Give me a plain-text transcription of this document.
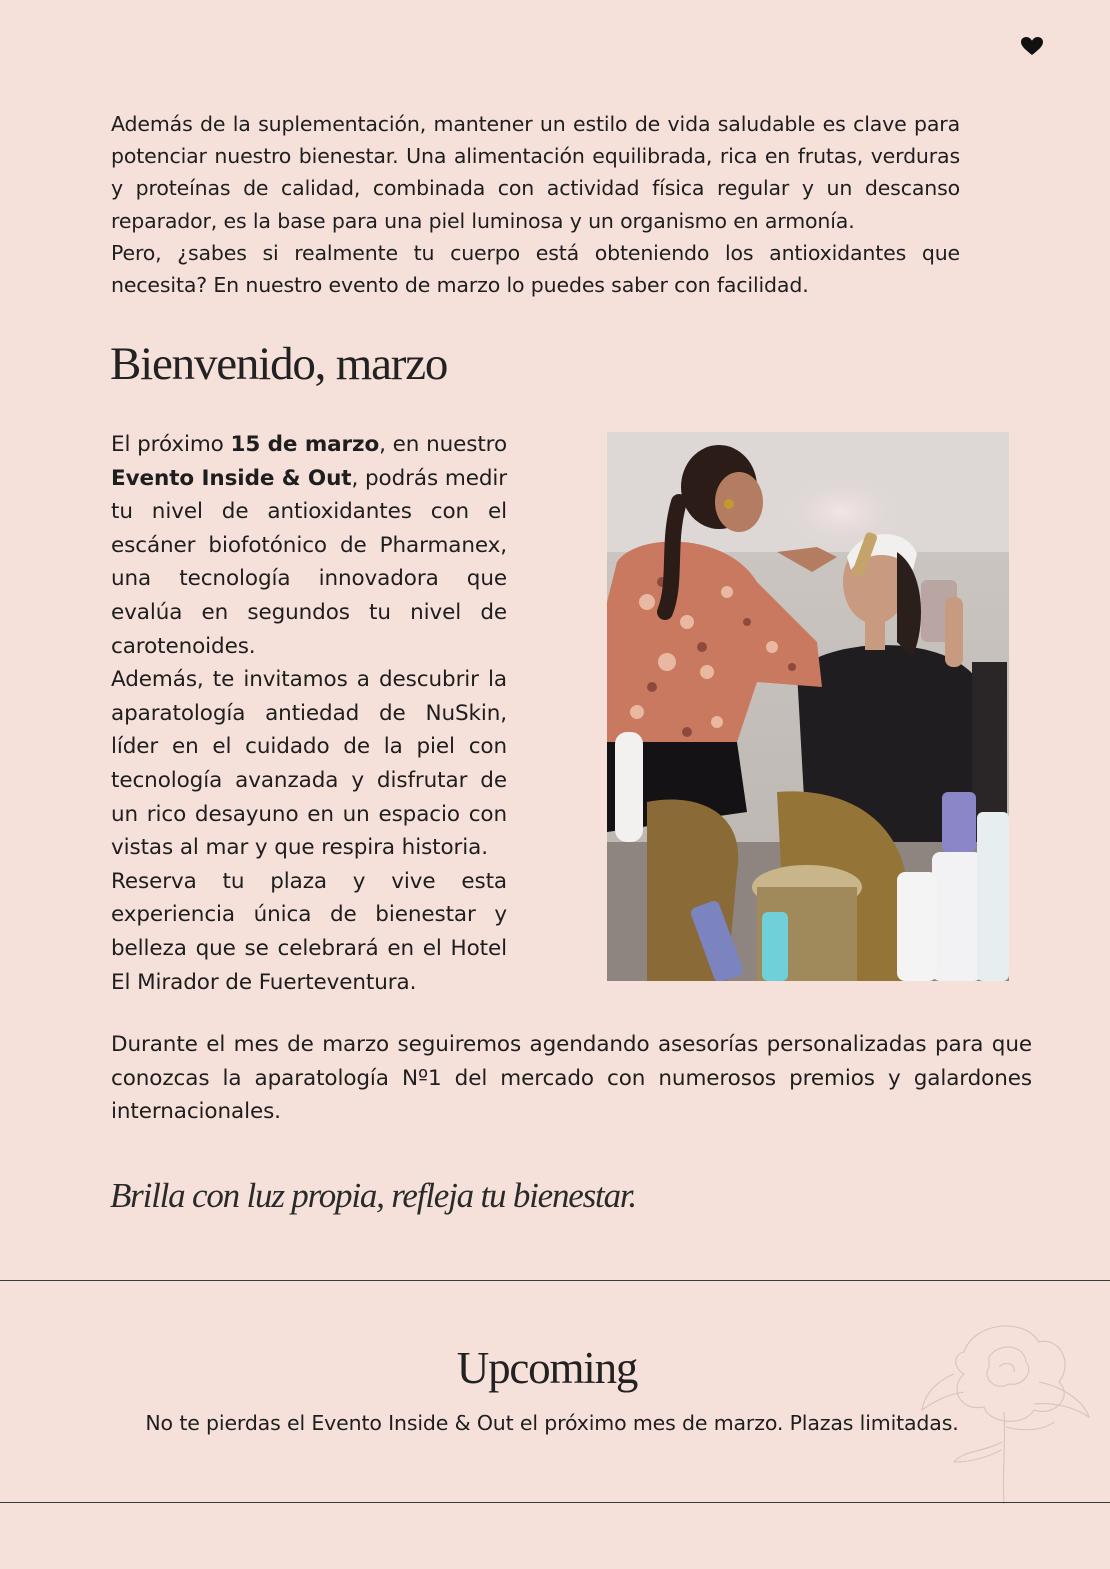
Además de la suplementación, mantener un estilo de vida saludable es clave para potenciar nuestro bienestar. Una alimentación equilibrada, rica en frutas, verduras y proteínas de calidad, combinada con actividad física regular y un descanso reparador, es la base para una piel luminosa y un organismo en armonía.

Pero, ¿sabes si realmente tu cuerpo está obteniendo los antioxidantes que necesita? En nuestro evento de marzo lo puedes saber con facilidad.

Bienvenido, marzo

El próximo 15 de marzo, en nuestro Evento Inside & Out, podrás medir tu nivel de antioxidantes con el escáner biofotónico de Pharmanex, una tecnología innovadora que evalúa en segundos tu nivel de carotenoides.

Además, te invitamos a descubrir la aparatología antiedad de NuSkin, líder en el cuidado de la piel con tecnología avanzada y disfrutar de un rico desayuno en un espacio con vistas al mar y que respira historia.

Reserva tu plaza y vive esta experiencia única de bienestar y belleza que se celebrará en el Hotel El Mirador de Fuerteventura.

Durante el mes de marzo seguiremos agendando asesorías personalizadas para que conozcas la aparatología Nº1 del mercado con numerosos premios y galardones internacionales.

Brilla con luz propia, refleja tu bienestar.

Upcoming

No te pierdas el Evento Inside & Out el próximo mes de marzo. Plazas limitadas.
